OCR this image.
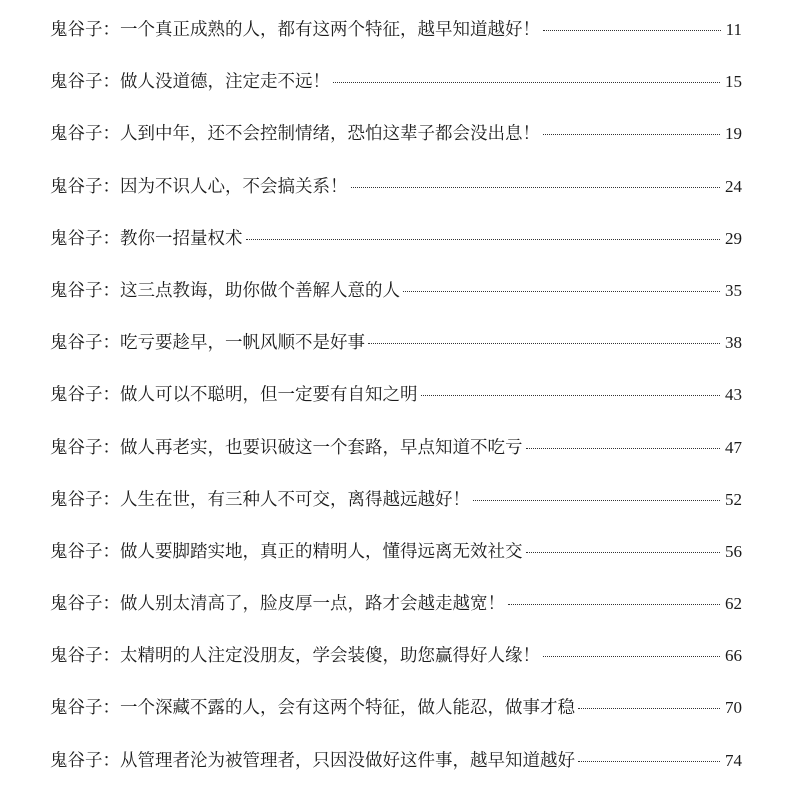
鬼谷子：一个真正成熟的人，都有这两个特征，越早知道越好！	11
鬼谷子：做人没道德，注定走不远！	15
鬼谷子：人到中年，还不会控制情绪，恐怕这辈子都会没出息！	19
鬼谷子：因为不识人心，不会搞关系！	24
鬼谷子：教你一招量权术	29
鬼谷子：这三点教诲，助你做个善解人意的人	35
鬼谷子：吃亏要趁早，一帆风顺不是好事	38
鬼谷子：做人可以不聪明，但一定要有自知之明	43
鬼谷子：做人再老实，也要识破这一个套路，早点知道不吃亏	47
鬼谷子：人生在世，有三种人不可交，离得越远越好！	52
鬼谷子：做人要脚踏实地，真正的精明人，懂得远离无效社交	56
鬼谷子：做人别太清高了，脸皮厚一点，路才会越走越宽！	62
鬼谷子：太精明的人注定没朋友，学会装傻，助您赢得好人缘！	66
鬼谷子：一个深藏不露的人，会有这两个特征，做人能忍，做事才稳	70
鬼谷子：从管理者沦为被管理者，只因没做好这件事，越早知道越好	74
